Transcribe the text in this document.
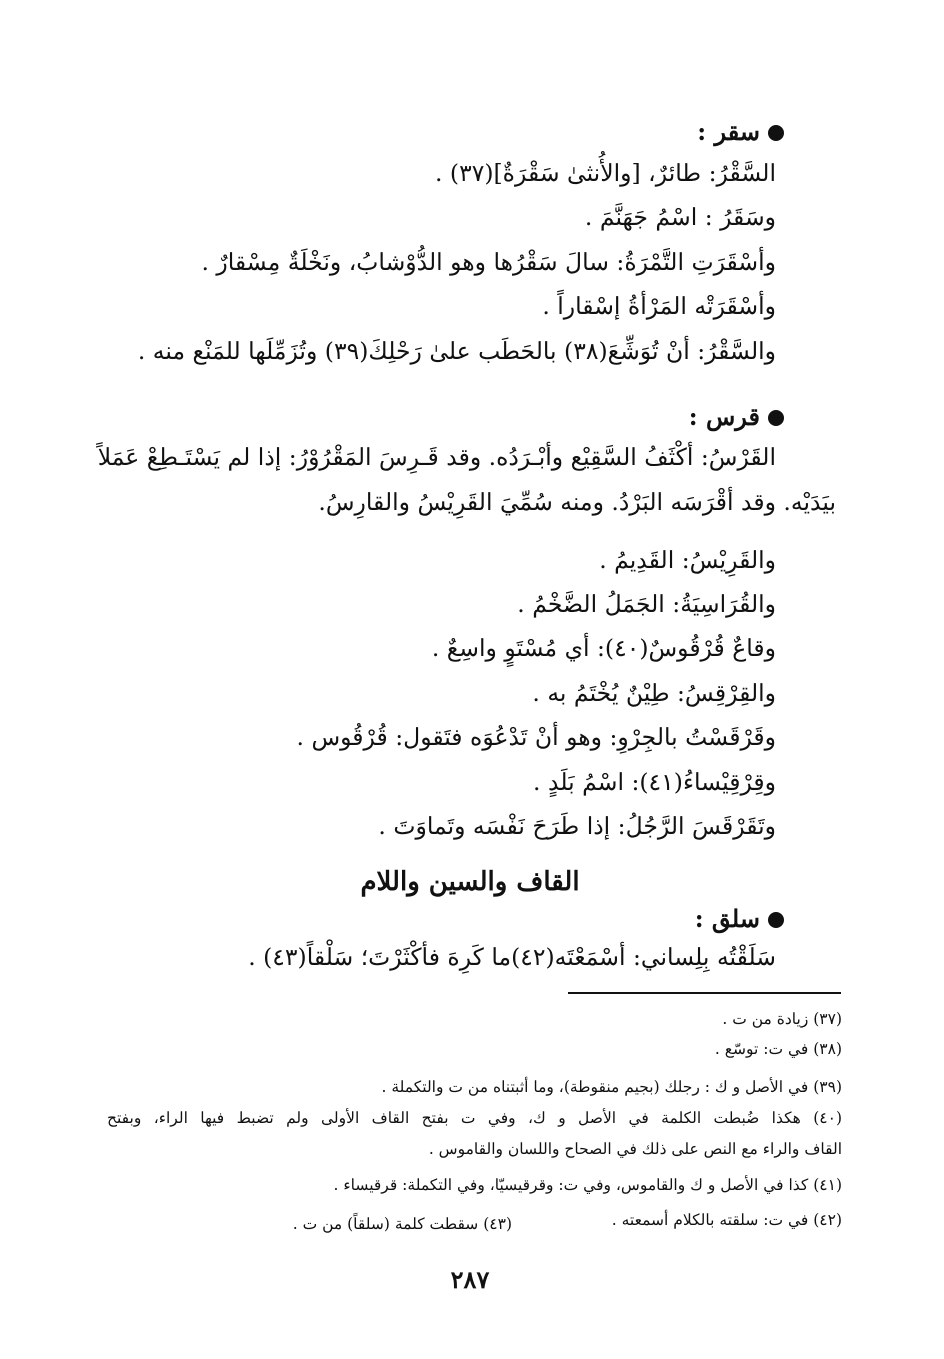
سقر :
السَّقْرُ: طائرٌ، [والأُنثىٰ سَقْرَةٌ](٣٧) .
وسَقَرُ : اسْمُ جَهَنَّمَ .
وأسْقَرَتِ التَّمْرَةُ: سالَ سَقْرُها وهو الدُّوْشابُ، ونَخْلَةٌ مِسْقارٌ .
وأسْقَرَتْه المَرْأةُ إسْقاراً .
والسَّقْرُ: أنْ تُوَشِّعَ(٣٨) بالحَطَب علىٰ رَحْلِكَ(٣٩) وتُزَمِّلَها للمَنْع منه .
قرس :
القَرْسُ: أكْثَفُ السَّقِيْع وأبْـرَدُه. وقد قَـرِسَ المَقْرُوْرُ: إذا لم يَسْتَـطِعْ عَمَلاً
بيَدَيْه. وقد أقْرَسَه البَرْدُ. ومنه سُمِّيَ القَرِيْسُ والقارِسُ.
والقَرِيْسُ: القَدِيمُ .
والقُرَاسِيَةُ: الجَمَلُ الضَّخْمُ .
وقاعٌ قُرْقُوسٌ(٤٠): أي مُسْتَوٍ واسِعٌ .
والقِرْقِسُ: طِيْنٌ يُخْتَمُ به .
وقَرْقَسْتُ بالجِرْوِ: وهو أنْ تَدْعُوَه فتَقول: قُرْقُوس .
وقِرْقِيْساءُ(٤١): اسْمُ بَلَدٍ .
وتَقَرْقَسَ الرَّجُلُ: إذا طَرَحَ نَفْسَه وتَماوَتَ .
القاف والسين واللام
سلق :
سَلَقْتُه بِلِساني: أسْمَعْتَه(٤٢)ما كَرِهَ فأكْثَرْتَ؛ سَلْقاً(٤٣) .
(٣٧) زيادة من ت .
(٣٨) في ت: توسّع .
(٣٩) في الأصل و ك : رجلك (بجيم منقوطة)، وما أثبتناه من ت والتكملة .
(٤٠) هكذا ضُبطت الكلمة في الأصل و ك، وفي ت بفتح القاف الأولى ولم تضبط فيها الراء، وبفتح
القاف والراء مع النص على ذلك في الصحاح واللسان والقاموس .
(٤١) كذا في الأصل و ك والقاموس، وفي ت: وقرقيسيّا، وفي التكملة: قرقيساء .
(٤٢) في ت: سلقته بالكلام أسمعته .
(٤٣) سقطت كلمة (سلقاً) من ت .
٢٨٧
